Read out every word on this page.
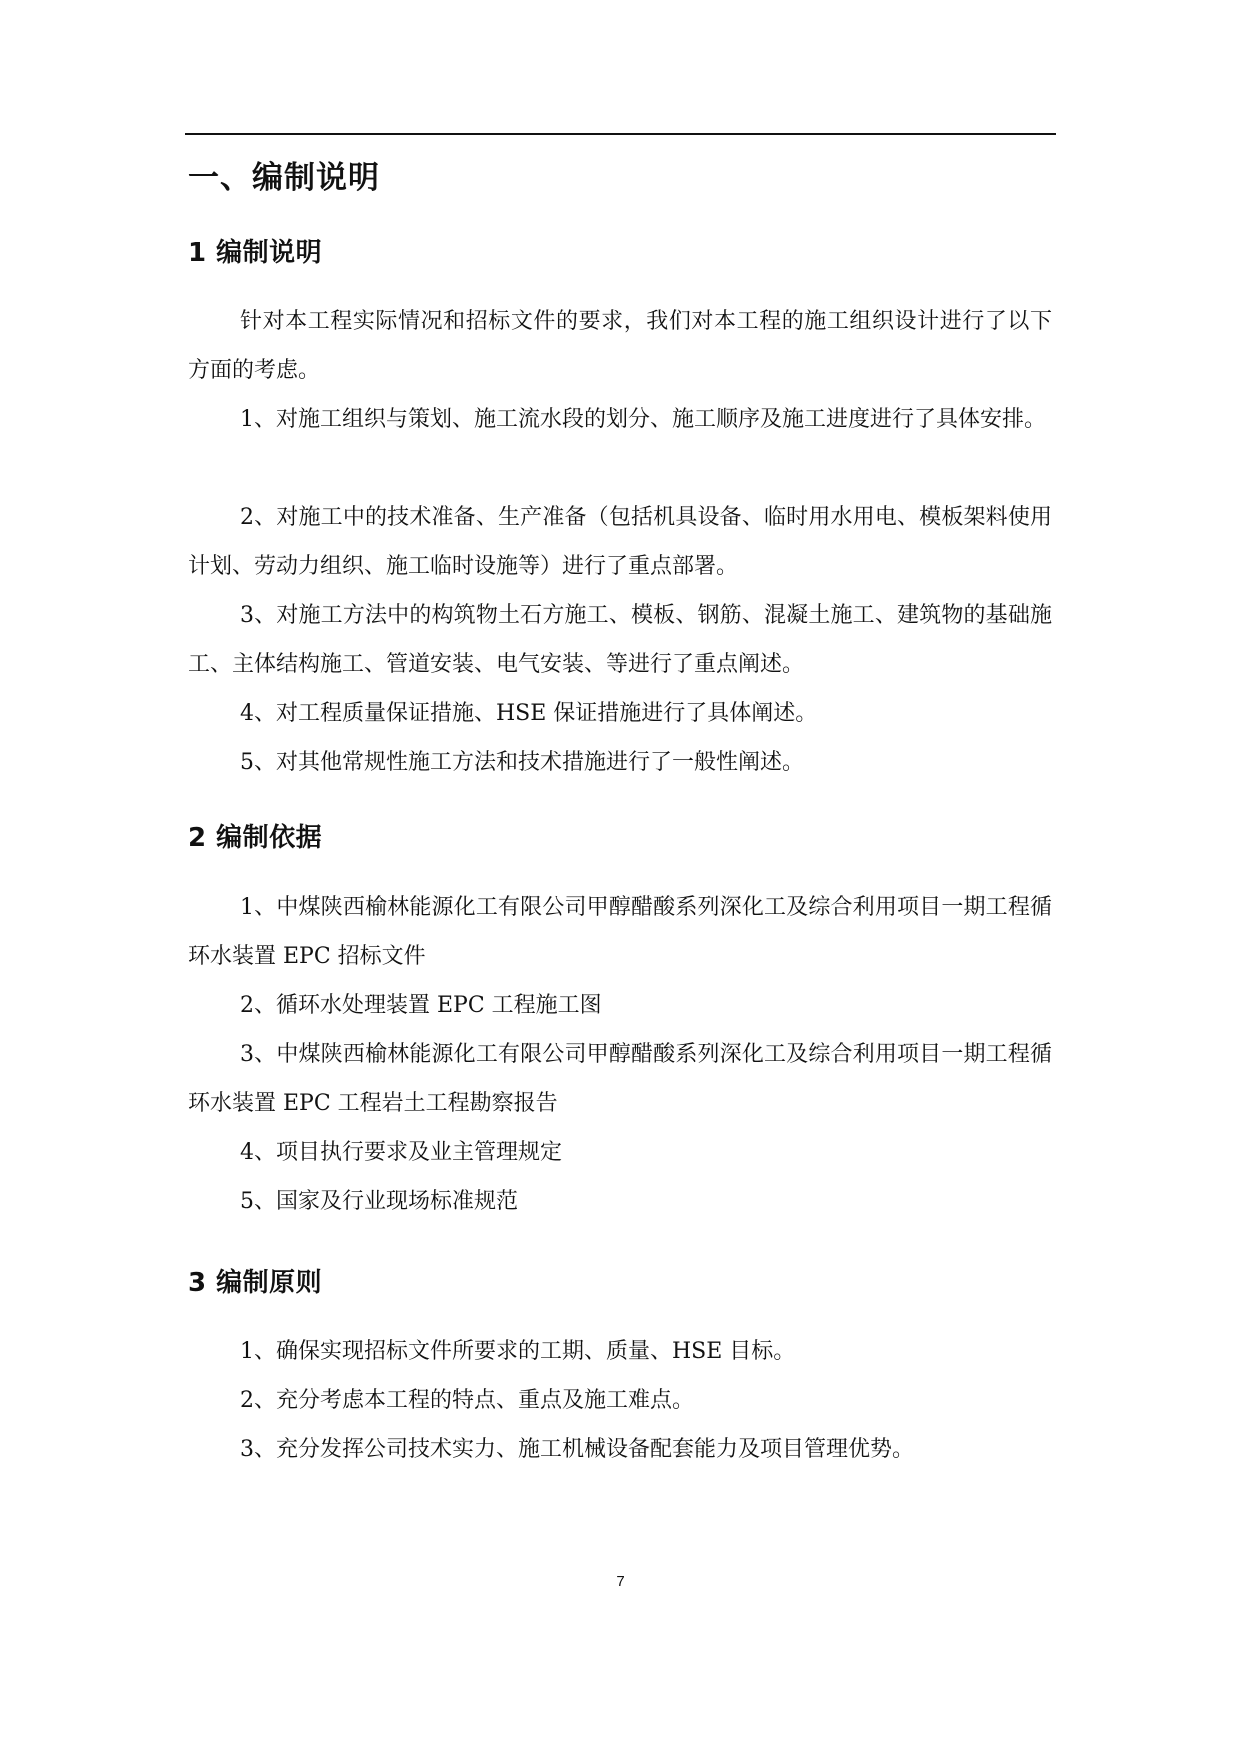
一、编制说明
1 编制说明

针对本工程实际情况和招标文件的要求，我们对本工程的施工组织设计进行了以下方面的考虑。

1、对施工组织与策划、施工流水段的划分、施工顺序及施工进度进行了具体安排。

2、对施工中的技术准备、生产准备（包括机具设备、临时用水用电、模板架料使用计划、劳动力组织、施工临时设施等）进行了重点部署。

3、对施工方法中的构筑物土石方施工、模板、钢筋、混凝土施工、建筑物的基础施工、主体结构施工、管道安装、电气安装、等进行了重点阐述。

4、对工程质量保证措施、HSE 保证措施进行了具体阐述。

5、对其他常规性施工方法和技术措施进行了一般性阐述。

2 编制依据

1、中煤陕西榆林能源化工有限公司甲醇醋酸系列深化工及综合利用项目一期工程循环水装置 EPC 招标文件

2、循环水处理装置 EPC 工程施工图

3、中煤陕西榆林能源化工有限公司甲醇醋酸系列深化工及综合利用项目一期工程循环水装置 EPC 工程岩土工程勘察报告

4、项目执行要求及业主管理规定

5、国家及行业现场标准规范

3 编制原则

1、确保实现招标文件所要求的工期、质量、HSE 目标。

2、充分考虑本工程的特点、重点及施工难点。

3、充分发挥公司技术实力、施工机械设备配套能力及项目管理优势。

7
